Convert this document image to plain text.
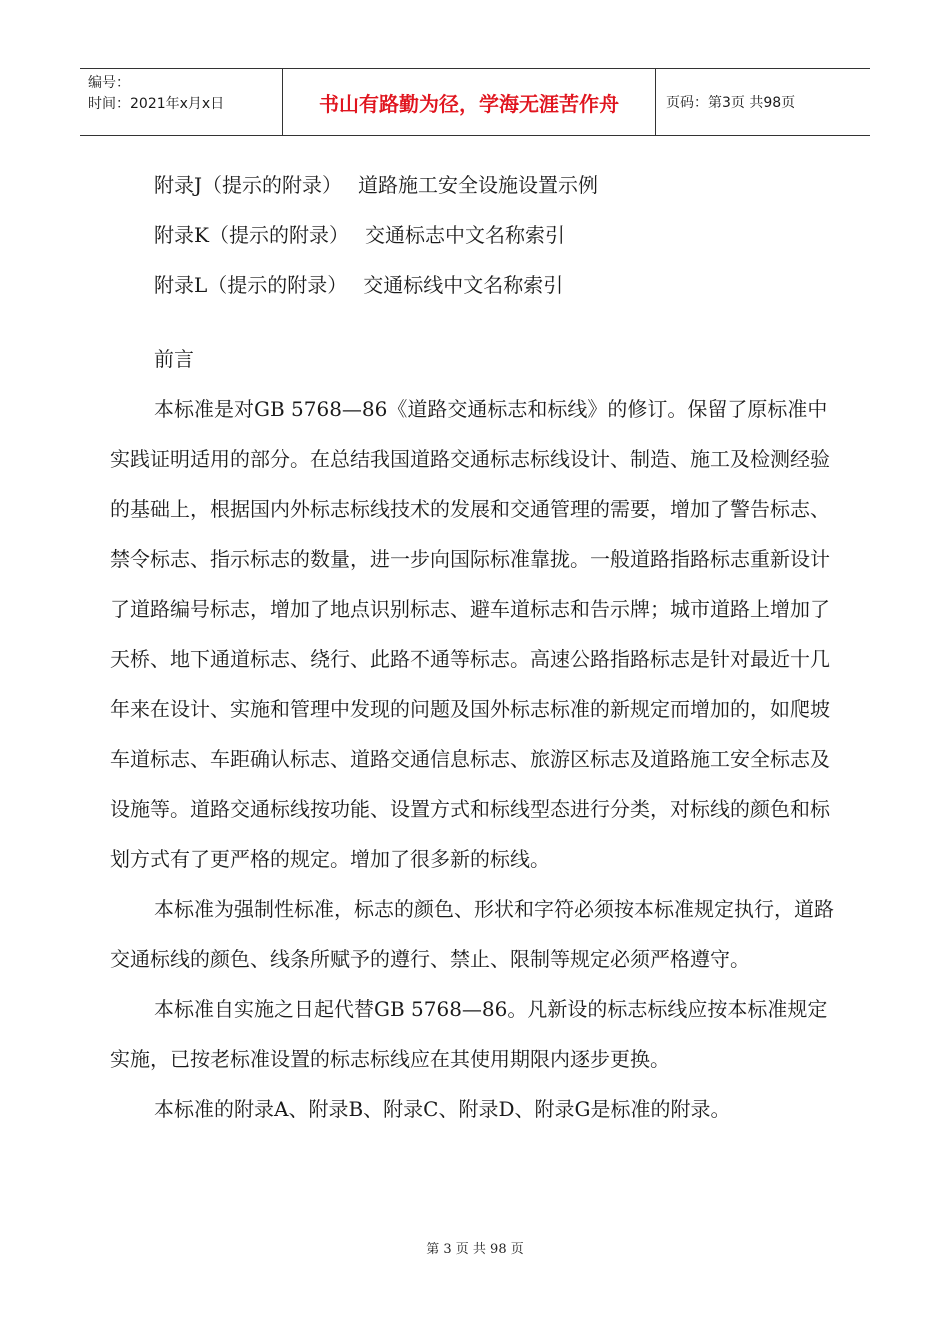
编号：
时间：2021年x月x日	书山有路勤为径，学海无涯苦作舟	页码：第3页 共98页

附录J（提示的附录） 道路施工安全设施设置示例

附录K（提示的附录） 交通标志中文名称索引

附录L（提示的附录） 交通标线中文名称索引

前言

本标准是对GB 5768—86《道路交通标志和标线》的修订。保留了原标准中实践证明适用的部分。在总结我国道路交通标志标线设计、制造、施工及检测经验的基础上，根据国内外标志标线技术的发展和交通管理的需要，增加了警告标志、禁令标志、指示标志的数量，进一步向国际标准靠拢。一般道路指路标志重新设计了道路编号标志，增加了地点识别标志、避车道标志和告示牌；城市道路上增加了天桥、地下通道标志、绕行、此路不通等标志。高速公路指路标志是针对最近十几年来在设计、实施和管理中发现的问题及国外标志标准的新规定而增加的，如爬坡车道标志、车距确认标志、道路交通信息标志、旅游区标志及道路施工安全标志及设施等。道路交通标线按功能、设置方式和标线型态进行分类，对标线的颜色和标划方式有了更严格的规定。增加了很多新的标线。

本标准为强制性标准，标志的颜色、形状和字符必须按本标准规定执行，道路交通标线的颜色、线条所赋予的遵行、禁止、限制等规定必须严格遵守。

本标准自实施之日起代替GB 5768—86。凡新设的标志标线应按本标准规定实施，已按老标准设置的标志标线应在其使用期限内逐步更换。

本标准的附录A、附录B、附录C、附录D、附录G是标准的附录。

第 3 页 共 98 页
